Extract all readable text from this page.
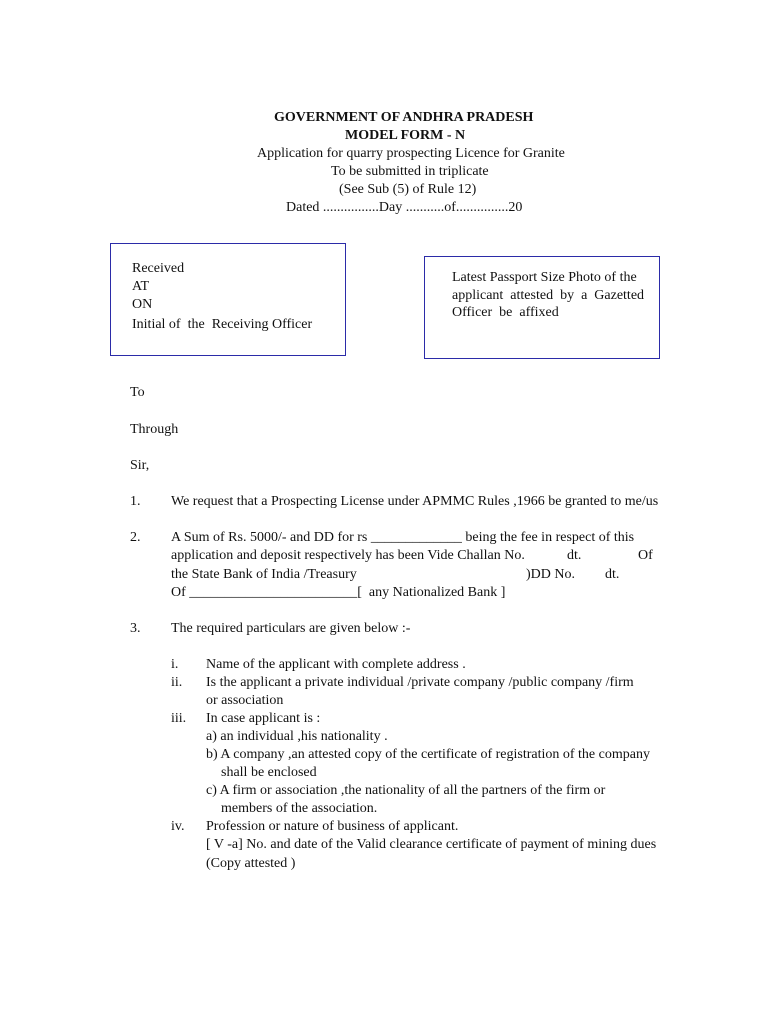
GOVERNMENT OF ANDHRA PRADESH
MODEL FORM - N
Application for quarry prospecting Licence for Granite
To be submitted in triplicate
(See Sub (5) of Rule 12)
Dated ................Day ...........of...............20
Received
AT
ON
Initial of  the  Receiving Officer
Latest Passport Size Photo of the
applicant  attested  by  a  Gazetted
Officer  be  affixed
To
Through
Sir,
1. We request that a Prospecting License under APMMC Rules ,1966 be granted to me/us
2. A Sum of Rs. 5000/- and DD for rs _____________ being the fee in respect of this
application and deposit respectively has been Vide Challan No.	dt.	Of
the State Bank of India /Treasury	)DD No. dt.
Of ________________________[  any Nationalized Bank ]
3. The required particulars are given below :-
i. Name of the applicant with complete address .
ii. Is the applicant a private individual /private company /public company /firm
or association
iii. In case applicant is :
a) an individual ,his nationality .
b) A company ,an attested copy of the certificate of registration of the company
shall be enclosed
c) A firm or association ,the nationality of all the partners of the firm or
members of the association.
iv. Profession or nature of business of applicant.
[ V -a] No. and date of the Valid clearance certificate of payment of mining dues
(Copy attested )
